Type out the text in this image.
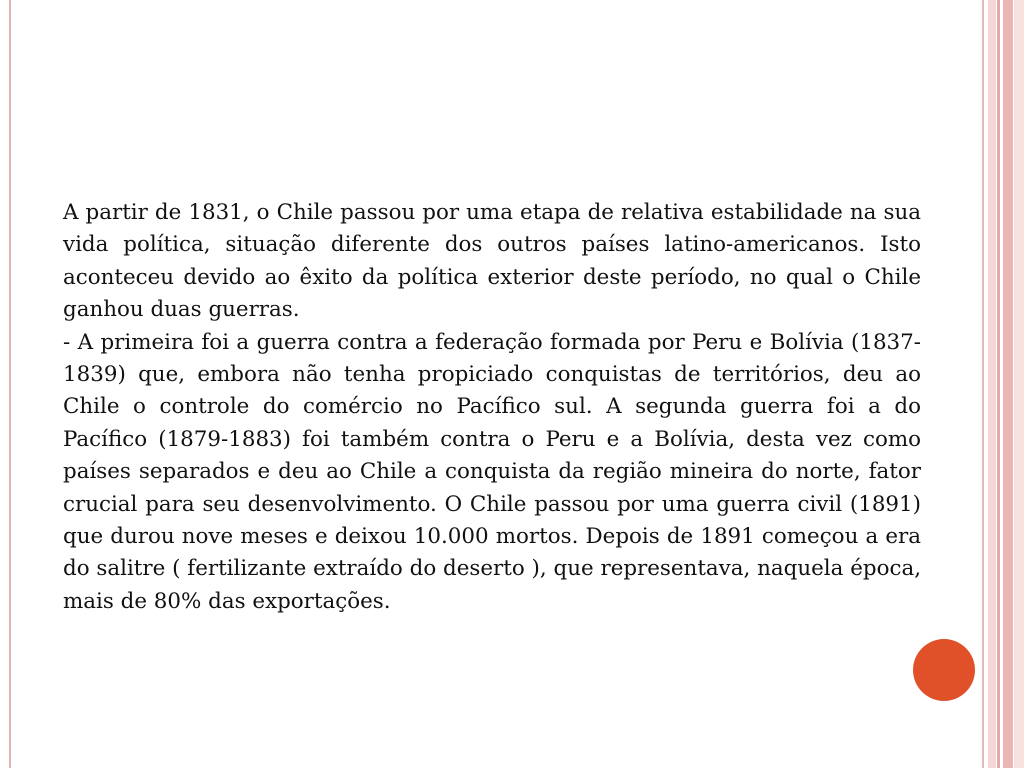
A partir de 1831, o Chile passou por uma etapa de relativa estabilidade na sua vida política, situação diferente dos outros países latino-americanos. Isto aconteceu devido ao êxito da política exterior deste período, no qual o Chile ganhou duas guerras.

- A primeira foi a guerra contra a federação formada por Peru e Bolívia (1837-1839) que, embora não tenha propiciado conquistas de territórios, deu ao Chile o controle do comércio no Pacífico sul. A segunda guerra foi a do Pacífico (1879-1883) foi também contra o Peru e a Bolívia, desta vez como países separados e deu ao Chile a conquista da região mineira do norte, fator crucial para seu desenvolvimento. O Chile passou por uma guerra civil (1891) que durou nove meses e deixou 10.000 mortos. Depois de 1891 começou a era do salitre ( fertilizante extraído do deserto ), que representava, naquela época, mais de 80% das exportações.
